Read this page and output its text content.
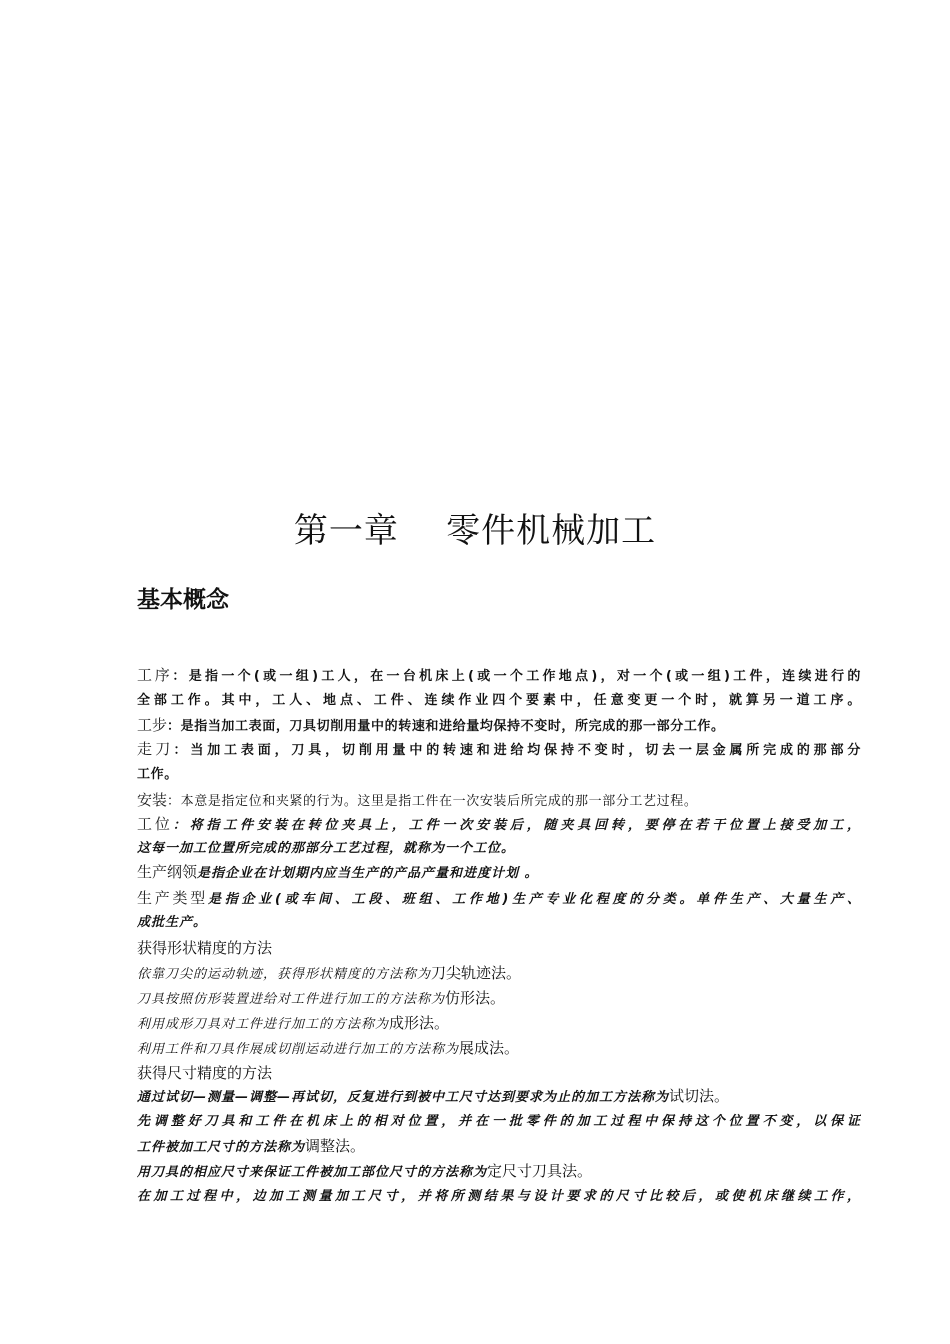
第一章    零件机械加工
基本概念
工序：是指一个(或一组)工人，在一台机床上(或一个工作地点)，对一个(或一组)工件，连续进行的
全部工作。其中，工人、地点、工件、连续作业四个要素中，任意变更一个时，就算另一道工序。
工步：是指当加工表面，刀具切削用量中的转速和进给量均保持不变时，所完成的那一部分工作。
走刀：当加工表面，刀具，切削用量中的转速和进给均保持不变时，切去一层金属所完成的那部分
工作。
安装：本意是指定位和夹紧的行为。这里是指工件在一次安装后所完成的那一部分工艺过程。
工位：将指工件安装在转位夹具上，工件一次安装后，随夹具回转，要停在若干位置上接受加工，
这每一加工位置所完成的那部分工艺过程，就称为一个工位。
生产纲领是指企业在计划期内应当生产的产品产量和进度计划 。
生产类型是指企业(或车间、工段、班组、工作地)生产专业化程度的分类。单件生产、大量生产、
成批生产。
获得形状精度的方法
依靠刀尖的运动轨迹，获得形状精度的方法称为刀尖轨迹法。
刀具按照仿形装置进给对工件进行加工的方法称为仿形法。
利用成形刀具对工件进行加工的方法称为成形法。
利用工件和刀具作展成切削运动进行加工的方法称为展成法。
获得尺寸精度的方法
通过试切—测量—调整—再试切，反复进行到被中工尺寸达到要求为止的加工方法称为试切法。
先调整好刀具和工件在机床上的相对位置，并在一批零件的加工过程中保持这个位置不变，以保证
工件被加工尺寸的方法称为调整法。
用刀具的相应尺寸来保证工件被加工部位尺寸的方法称为定尺寸刀具法。
在加工过程中，边加工测量加工尺寸，并将所测结果与设计要求的尺寸比较后，或使机床继续工作，
